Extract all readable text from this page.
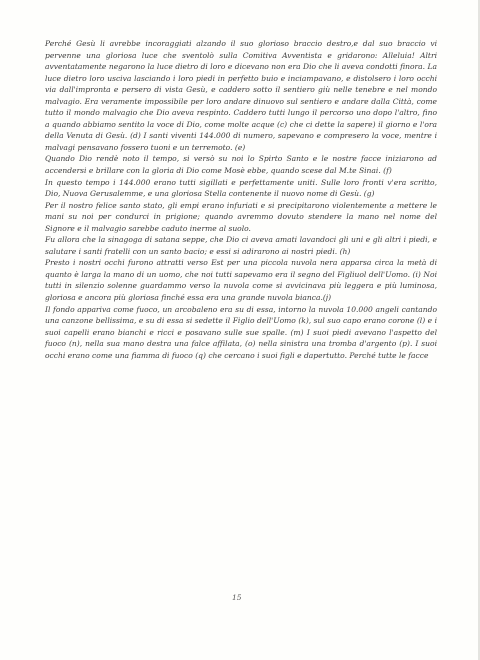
Perché Gesù li avrebbe incoraggiati alzando il suo glorioso braccio destro,e dal suo braccio vi pervenne una gloriosa luce che sventolò sulla Comitiva Avventista e gridarono: Alleluia! Altri avventatamente negarono la luce dietro di loro e dicevano non era Dio che li aveva condotti finora. La luce dietro loro usciva lasciando i loro piedi in perfetto buio e inciampavano, e distolsero i loro occhi via dall'impronta e persero di vista Gesù, e caddero sotto il sentiero giù nelle tenebre e nel mondo malvagio. Era veramente impossibile per loro andare dinuovo sul sentiero e andare dalla Città, come tutto il mondo malvagio che Dio aveva respinto. Caddero tutti lungo il percorso uno dopo l'altro, fino a quando abbiamo sentito la voce di Dio, come molte acque (c) che ci dette la sapere) il giorno e l'ora della Venuta di Gesù. (d) I santi viventi 144.000 di numero, sapevano e compresero la voce, mentre i malvagi pensavano fossero tuoni e un terremoto. (e)

Quando Dio rendè noto il tempo, si versò su noi lo Spirto Santo e le nostre facce iniziarono ad accendersi e brillare con la gloria di Dio come Mosè ebbe, quando scese dal M.te Sinai. (f)

In questo tempo i 144.000 erano tutti sigillati e perfettamente uniti. Sulle loro fronti v'era scritto, Dio, Nuova Gerusalemme, e una gloriosa Stella contenente il nuovo nome di Gesù. (g)

Per il nostro felice santo stato, gli empi erano infuriati e si precipitarono violentemente a mettere le mani su noi per condurci in prigione; quando avremmo dovuto stendere la mano nel nome del Signore e il malvagio sarebbe caduto inerme al suolo.

Fu allora che la sinagoga di satana seppe, che Dio ci aveva amati lavandoci gli uni e gli altri i piedi, e salutare i santi fratelli con un santo bacio; e essi si adirarono ai nostri piedi. (h)

Presto i nostri occhi furono attratti verso Est per una piccola nuvola nera apparsa circa la metà di quanto è larga la mano di un uomo, che noi tutti sapevamo era il segno del Figliuol dell'Uomo. (i) Noi tutti in silenzio solenne guardammo verso la nuvola come si avvicinava più leggera e più luminosa, gloriosa e ancora più gloriosa finché essa era una grande nuvola bianca.(j)

Il fondo appariva come fuoco, un arcobaleno era su di essa, intorno la nuvola 10.000 angeli cantando una canzone bellissima, e su di essa si sedette il Figlio dell'Uomo (k), sul suo capo erano corone (l) e i suoi capelli erano bianchi e ricci e posavano sulle sue spalle. (m) I suoi piedi avevano l'aspetto del fuoco (n), nella sua mano destra una falce affilata, (o) nella sinistra una tromba d'argento (p). I suoi occhi erano come una fiamma di fuoco (q) che cercano i suoi figli e dapertutto. Perché tutte le facce

15
